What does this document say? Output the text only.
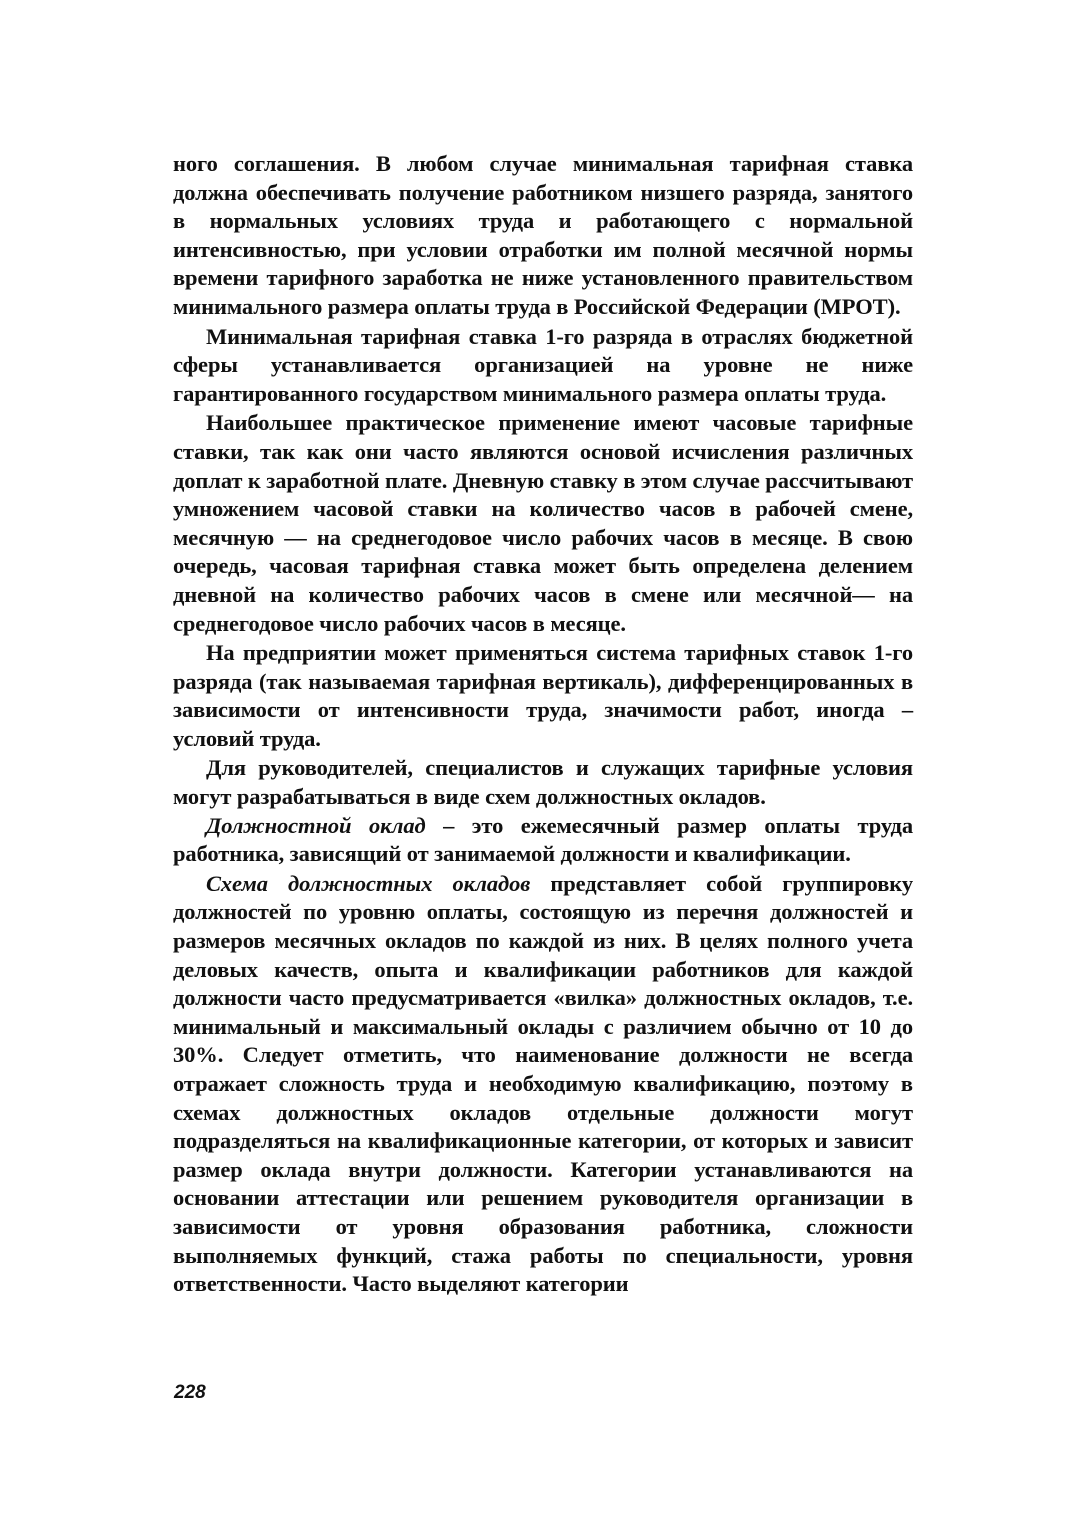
ного соглашения. В любом случае минимальная тарифная ставка должна обеспечивать получение работником низшего разряда, занятого в нормальных условиях труда и работающего с нормальной интенсивностью, при условии отработки им полной месячной нормы времени тарифного заработка не ниже установленного правительством минимального размера оплаты труда в Российской Федерации (МРОТ).

Минимальная тарифная ставка 1-го разряда в отраслях бюджетной сферы устанавливается организацией на уровне не ниже гарантированного государством минимального размера оплаты труда.

Наибольшее практическое применение имеют часовые тарифные ставки, так как они часто являются основой исчисления различных доплат к заработной плате. Дневную ставку в этом случае рассчитывают умножением часовой ставки на количество часов в рабочей смене, месячную — на среднегодовое число рабочих часов в месяце. В свою очередь, часовая тарифная ставка может быть определена делением дневной на количество рабочих часов в смене или месячной— на среднегодовое число рабочих часов в месяце.

На предприятии может применяться система тарифных ставок 1-го разряда (так называемая тарифная вертикаль), дифференцированных в зависимости от интенсивности труда, значимости работ, иногда – условий труда.

Для руководителей, специалистов и служащих тарифные условия могут разрабатываться в виде схем должностных окладов.

Должностной оклад – это ежемесячный размер оплаты труда работника, зависящий от занимаемой должности и квалификации.

Схема должностных окладов представляет собой группировку должностей по уровню оплаты, состоящую из перечня должностей и размеров месячных окладов по каждой из них. В целях полного учета деловых качеств, опыта и квалификации работников для каждой должности часто предусматривается «вилка» должностных окладов, т.е. минимальный и максимальный оклады с различием обычно от 10 до 30%. Следует отметить, что наименование должности не всегда отражает сложность труда и необходимую квалификацию, поэтому в схемах должностных окладов отдельные должности могут подразделяться на квалификационные категории, от которых и зависит размер оклада внутри должности. Категории устанавливаются на основании аттестации или решением руководителя организации в зависимости от уровня образования работника, сложности выполняемых функций, стажа работы по специальности, уровня ответственности. Часто выделяют категории

228
